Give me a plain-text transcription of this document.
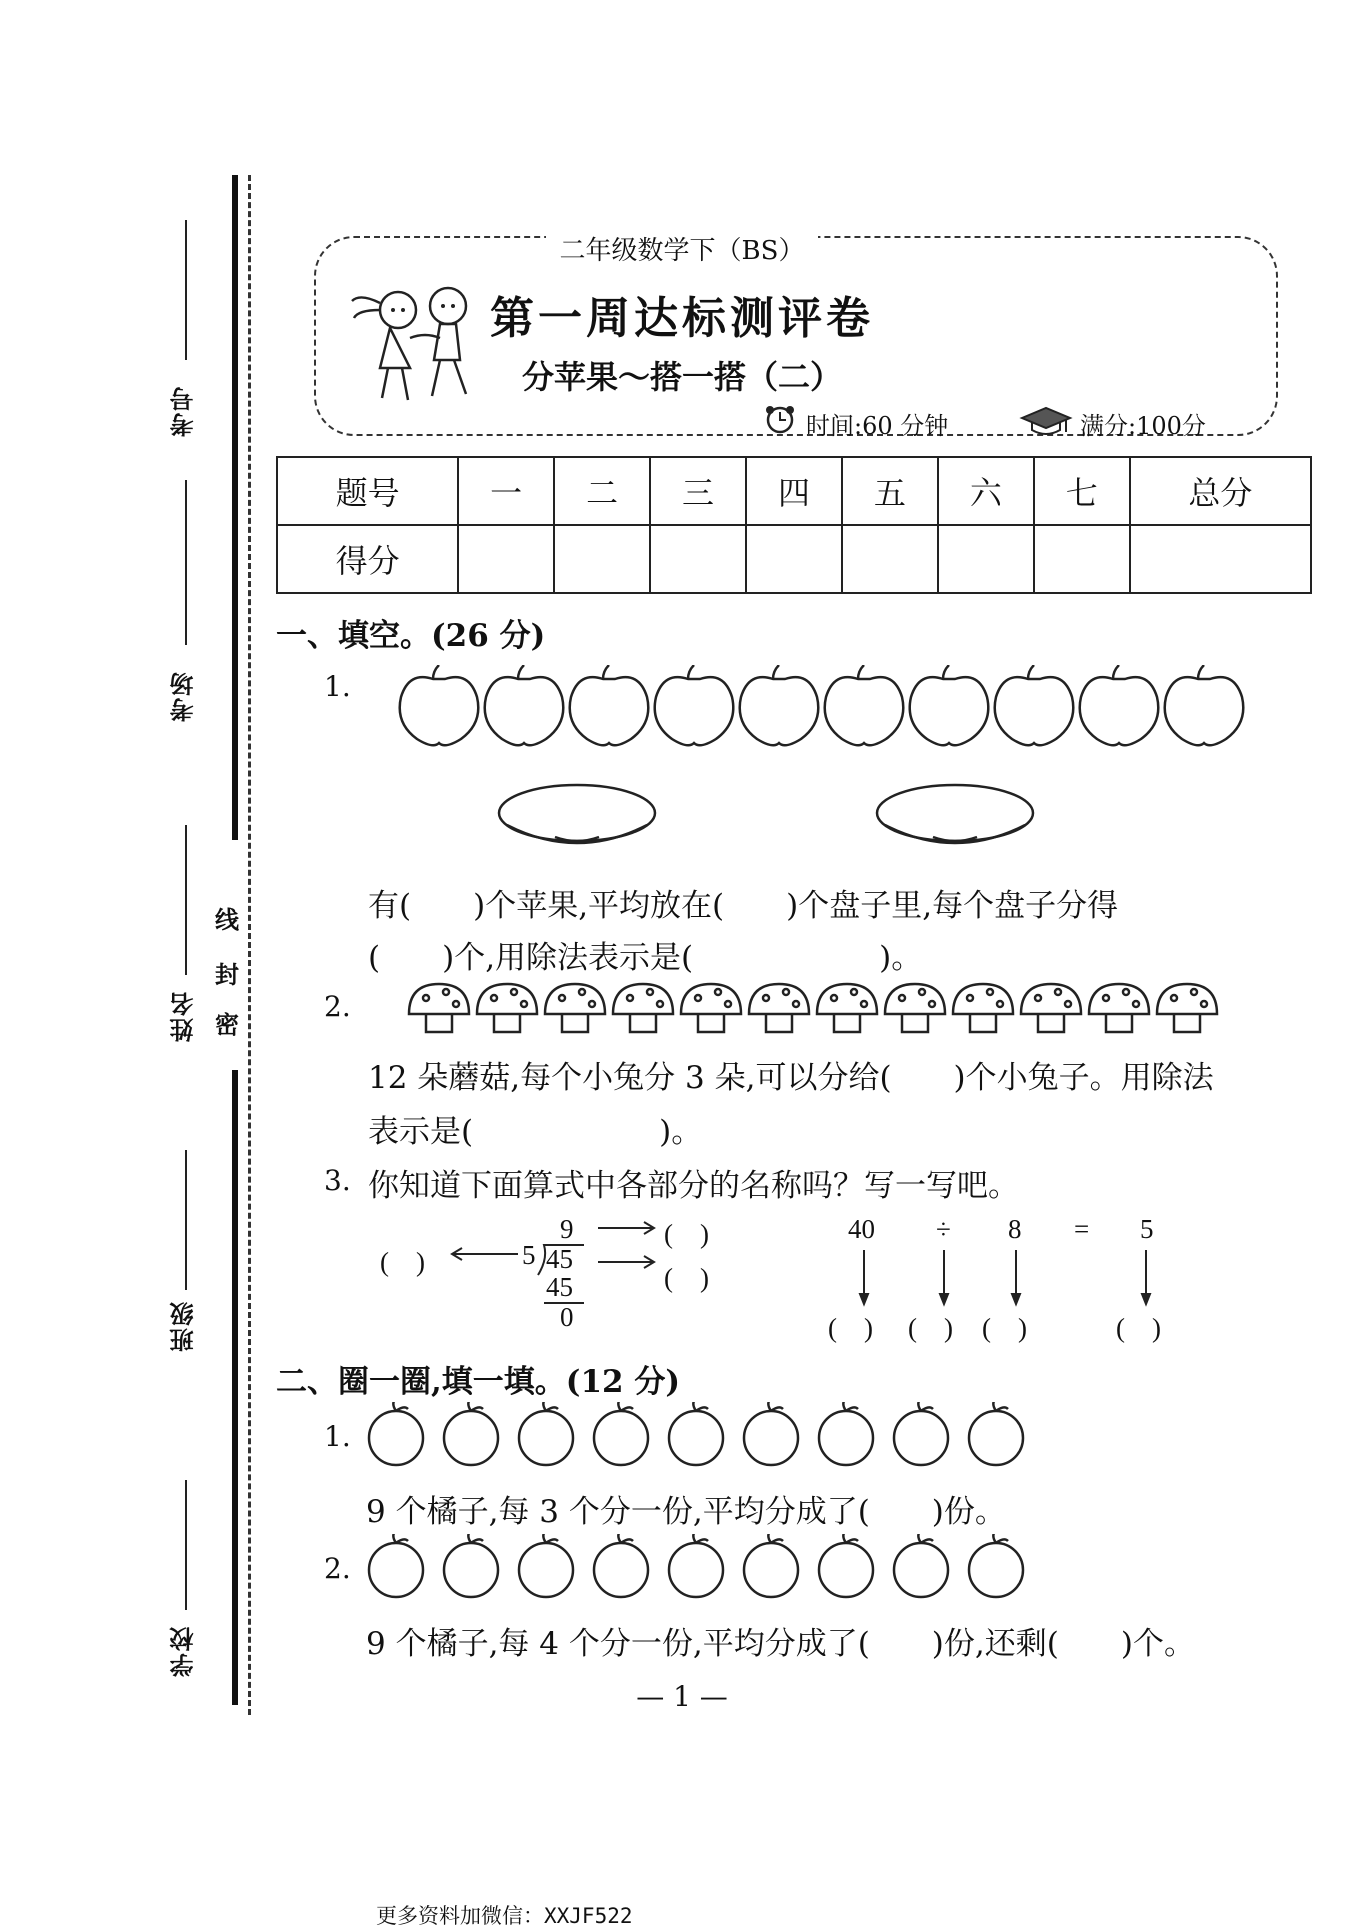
考号
考场
姓名
班级
学校
线
封
密
二年级数学下（BS）
第一周达标测评卷
分苹果～搭一搭（二）
时间:60 分钟	满分:100分
题号	一	二	三	四	五	六	七	总分
得分								
一、填空。(26 分)
1.
有(　　)个苹果,平均放在(　　)个盘子里,每个盘子分得
(　　)个,用除法表示是(　　　　　　)。
2.
12 朵蘑菇,每个小兔分 3 朵,可以分给(　　)个小兔子。用除法
表示是(　　　　　　)。
3. 你知道下面算式中各部分的名称吗？写一写吧。
(　)	5
9
45
45
0
(　)
(　)
40 ÷ 8 = 5
(　) (　) (　)	(　)
二、圈一圈,填一填。(12 分)
1.
9 个橘子,每 3 个分一份,平均分成了(　　)份。
2.
9 个橘子,每 4 个分一份,平均分成了(　　)份,还剩(　　)个。
— 1 —
更多资料加微信：XXJF522
